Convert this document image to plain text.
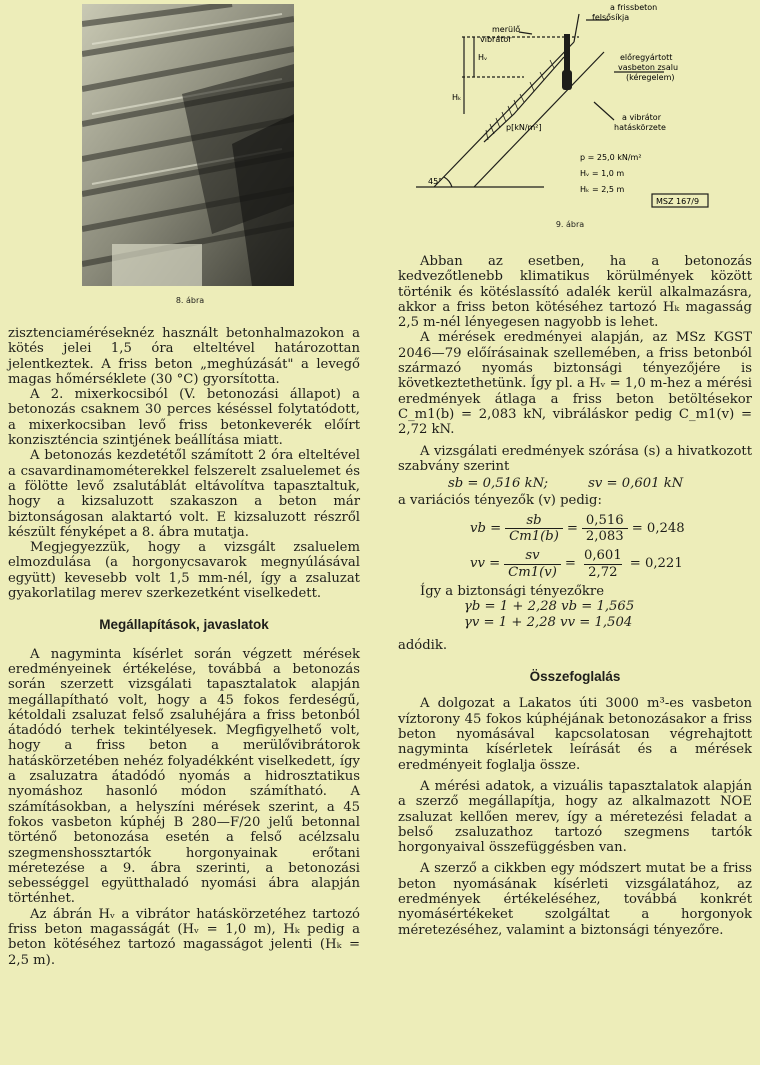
8. ábra
a frissbeton
felsősíkja
merülő
vibrátor
előregyártott
vasbeton zsalu
(kéregelem)
a vibrátor
hatáskörzete
Hᵥ
Hₖ
p[kN/m²]
45°
p = 25,0 kN/m²
Hᵥ = 1,0 m
Hₖ = 2,5 m
MSZ 167/9
9. ábra

zisztenciaméréseknéz használt betonhalmazokon a kötés jelei 1,5 óra elteltével határozottan jelentkeztek. A friss beton „meghúzását" a levegő magas hőmérséklete (30 °C) gyorsította.

A 2. mixerkocsiból (V. betonozási állapot) a betonozás csaknem 30 perces késéssel folytatódott, a mixerkocsiban levő friss betonkeverék előírt konziszténcia szintjének beállítása miatt.

A betonozás kezdetétől számított 2 óra elteltével a csavardinamométerekkel felszerelt zsaluelemet és a fölötte levő zsalutáblát eltávolítva tapasztaltuk, hogy a kizsaluzott szakaszon a beton már biztonságosan alaktartó volt. E kizsaluzott részről készült fényképet a 8. ábra mutatja.

Megjegyezzük, hogy a vizsgált zsaluelem elmozdulása (a horgonycsavarok megnyúlásával együtt) kevesebb volt 1,5 mm-nél, így a zsaluzat gyakorlatilag merev szerkezetként viselkedett.

Megállapítások, javaslatok

A nagyminta kísérlet során végzett mérések eredményeinek értékelése, továbbá a betonozás során szerzett vizsgálati tapasztalatok alapján megállapítható volt, hogy a 45 fokos ferdeségű, kétoldali zsaluzat felső zsaluhéjára a friss betonból átadódó terhek tekintélyesek. Megfigyelhető volt, hogy a friss beton a merülővibrátorok hatáskörzetében nehéz folyadékként viselkedett, így a zsaluzatra átadódó nyomás a hidrosztatikus nyomáshoz hasonló módon számítható. A számításokban, a helyszíni mérések szerint, a 45 fokos vasbeton kúphéj B 280—F/20 jelű betonnal történő betonozása esetén a felső acélzsalu szegmenshossztartók horgonyainak erőtani méretezése a 9. ábra szerinti, a betonozási sebességgel együtthaladó nyomási ábra alapján történhet.

Az ábrán Hᵥ a vibrátor hatáskörzetéhez tartozó friss beton magasságát (Hᵥ = 1,0 m), Hₖ pedig a beton kötéséhez tartozó magasságot jelenti (Hₖ = 2,5 m).

Abban az esetben, ha a betonozás kedvezőtlenebb klimatikus körülmények között történik és kötéslassító adalék kerül alkalmazásra, akkor a friss beton kötéséhez tartozó Hₖ magasság 2,5 m-nél lényegesen nagyobb is lehet.

A mérések eredményei alapján, az MSz KGST 2046—79 előírásainak szellemében, a friss betonból származó nyomás biztonsági tényezőjére is következtethetünk. Így pl. a Hᵥ = 1,0 m-hez a mérési eredmények átlaga a friss beton betöltésekor C_m1(b) = 2,083 kN, vibráláskor pedig C_m1(v) = 2,72 kN.

A vizsgálati eredmények szórása (s) a hivatkozott szabvány szerint

sb = 0,516 kN;	sv = 0,601 kN

a variációs tényezők (v) pedig:

vb = $\frac{sb}{Cm1(b)} = \frac{0,516}{2,083} = 0,248$
vv = $\frac{sv}{Cm1(v)} = \frac{0,601}{2,72} = 0,221$

Így a biztonsági tényezőkre

γb = 1 + 2,28 vb = 1,565

γv = 1 + 2,28 vv = 1,504

adódik.

Összefoglalás

A dolgozat a Lakatos úti 3000 m³-es vasbeton víztorony 45 fokos kúphéjának betonozásakor a friss beton nyomásával kapcsolatosan végrehajtott nagyminta kísérletek leírását és a mérések eredményeit foglalja össze.

A mérési adatok, a vizuális tapasztalatok alapján a szerző megállapítja, hogy az alkalmazott NOE zsaluzat kellően merev, így a méretezési feladat a belső zsaluzathoz tartozó szegmens tartók horgonyaival összefüggésben van.

A szerző a cikkben egy módszert mutat be a friss beton nyomásának kísérleti vizsgálatához, az eredmények értékeléséhez, továbbá konkrét nyomásértékeket szolgáltat a horgonyok méretezéséhez, valamint a biztonsági tényezőre.
